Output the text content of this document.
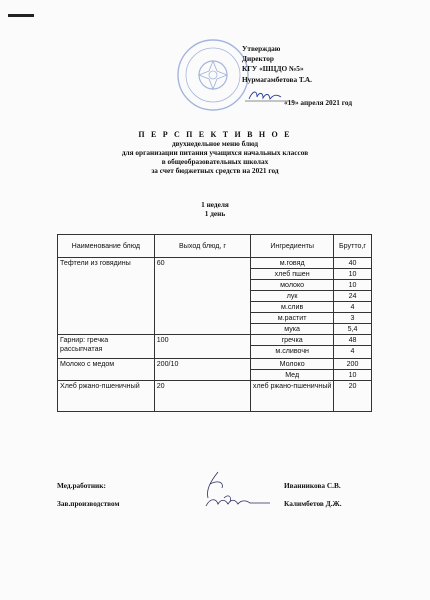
Утверждаю
Директор
КГУ «ШЦДО №5»
Нурмагамбетова Т.А.
«19» апреля 2021 год
П Е Р С П Е К Т И В Н О Е
двухнедельное меню блюд
для организации питания учащихся начальных классов
в общеобразовательных школах
за счет бюджетных средств на 2021 год
1 неделя
1 день
Наименование блюд	Выход блюд, г	Ингредиенты	Брутто,г
Тефтели из говядины	60	м.говяд	40
		хлеб пшен	10
		молоко	10
		лук	24
		м.слив	4
		м.растит	3
		мука	5,4
Гарнир: гречка рассыпчатая	100	гречка	48
		м.сливочн	4
Молоко с медом	200/10	Молоко	200
		Мед	10
Хлеб ржано-пшеничный	20	хлеб ржано-пшеничный	20
Мед.работник:	Иванникова С.В.
Зав.производством	Калимбетов Д.Ж.
